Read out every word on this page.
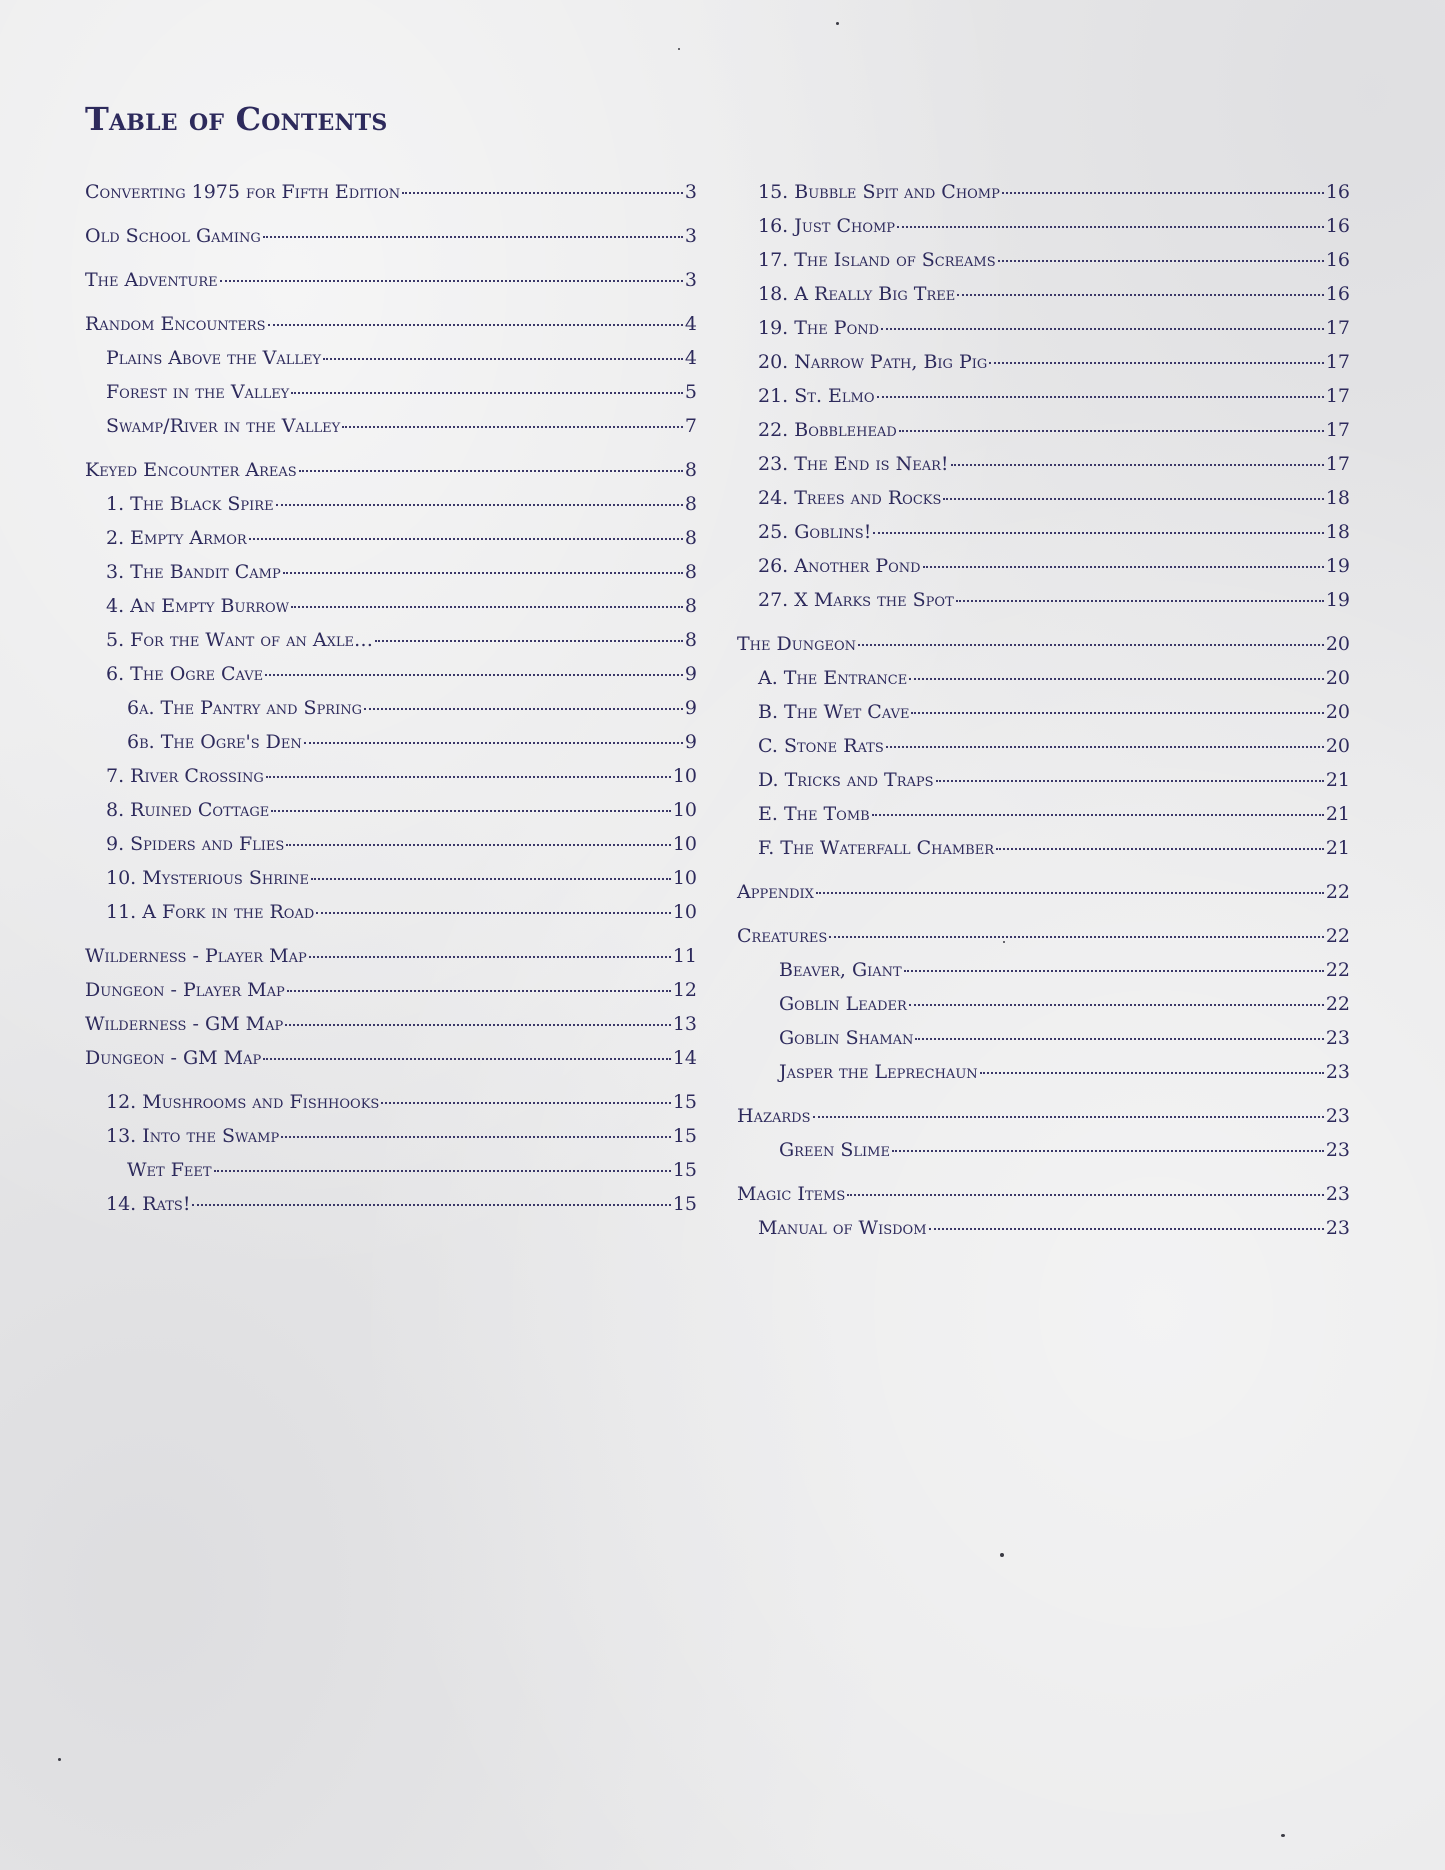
Table of Contents
Converting 1975 for Fifth Edition	3
Old School Gaming	3
The Adventure	3
Random Encounters	4
Plains Above the Valley	4
Forest in the Valley	5
Swamp/River in the Valley	7
Keyed Encounter Areas	8
1. The Black Spire	8
2. Empty Armor	8
3. The Bandit Camp	8
4. An Empty Burrow	8
5. For the Want of an Axle…	8
6. The Ogre Cave	9
6a. The Pantry and Spring	9
6b. The Ogre's Den	9
7. River Crossing	10
8. Ruined Cottage	10
9. Spiders and Flies	10
10. Mysterious Shrine	10
11. A Fork in the Road	10
Wilderness - Player Map	11
Dungeon - Player Map	12
Wilderness - GM Map	13
Dungeon - GM Map	14
12. Mushrooms and Fishhooks	15
13. Into the Swamp	15
Wet Feet	15
14. Rats!	15
15. Bubble Spit and Chomp	16
16. Just Chomp	16
17. The Island of Screams	16
18. A Really Big Tree	16
19. The Pond	17
20. Narrow Path, Big Pig	17
21. St. Elmo	17
22. Bobblehead	17
23. The End is Near!	17
24. Trees and Rocks	18
25. Goblins!	18
26. Another Pond	19
27. X Marks the Spot	19
The Dungeon	20
A. The Entrance	20
B. The Wet Cave	20
C. Stone Rats	20
D. Tricks and Traps	21
E. The Tomb	21
F. The Waterfall Chamber	21
Appendix	22
Creatures	22
Beaver, Giant	22
Goblin Leader	22
Goblin Shaman	23
Jasper the Leprechaun	23
Hazards	23
Green Slime	23
Magic Items	23
Manual of Wisdom	23
